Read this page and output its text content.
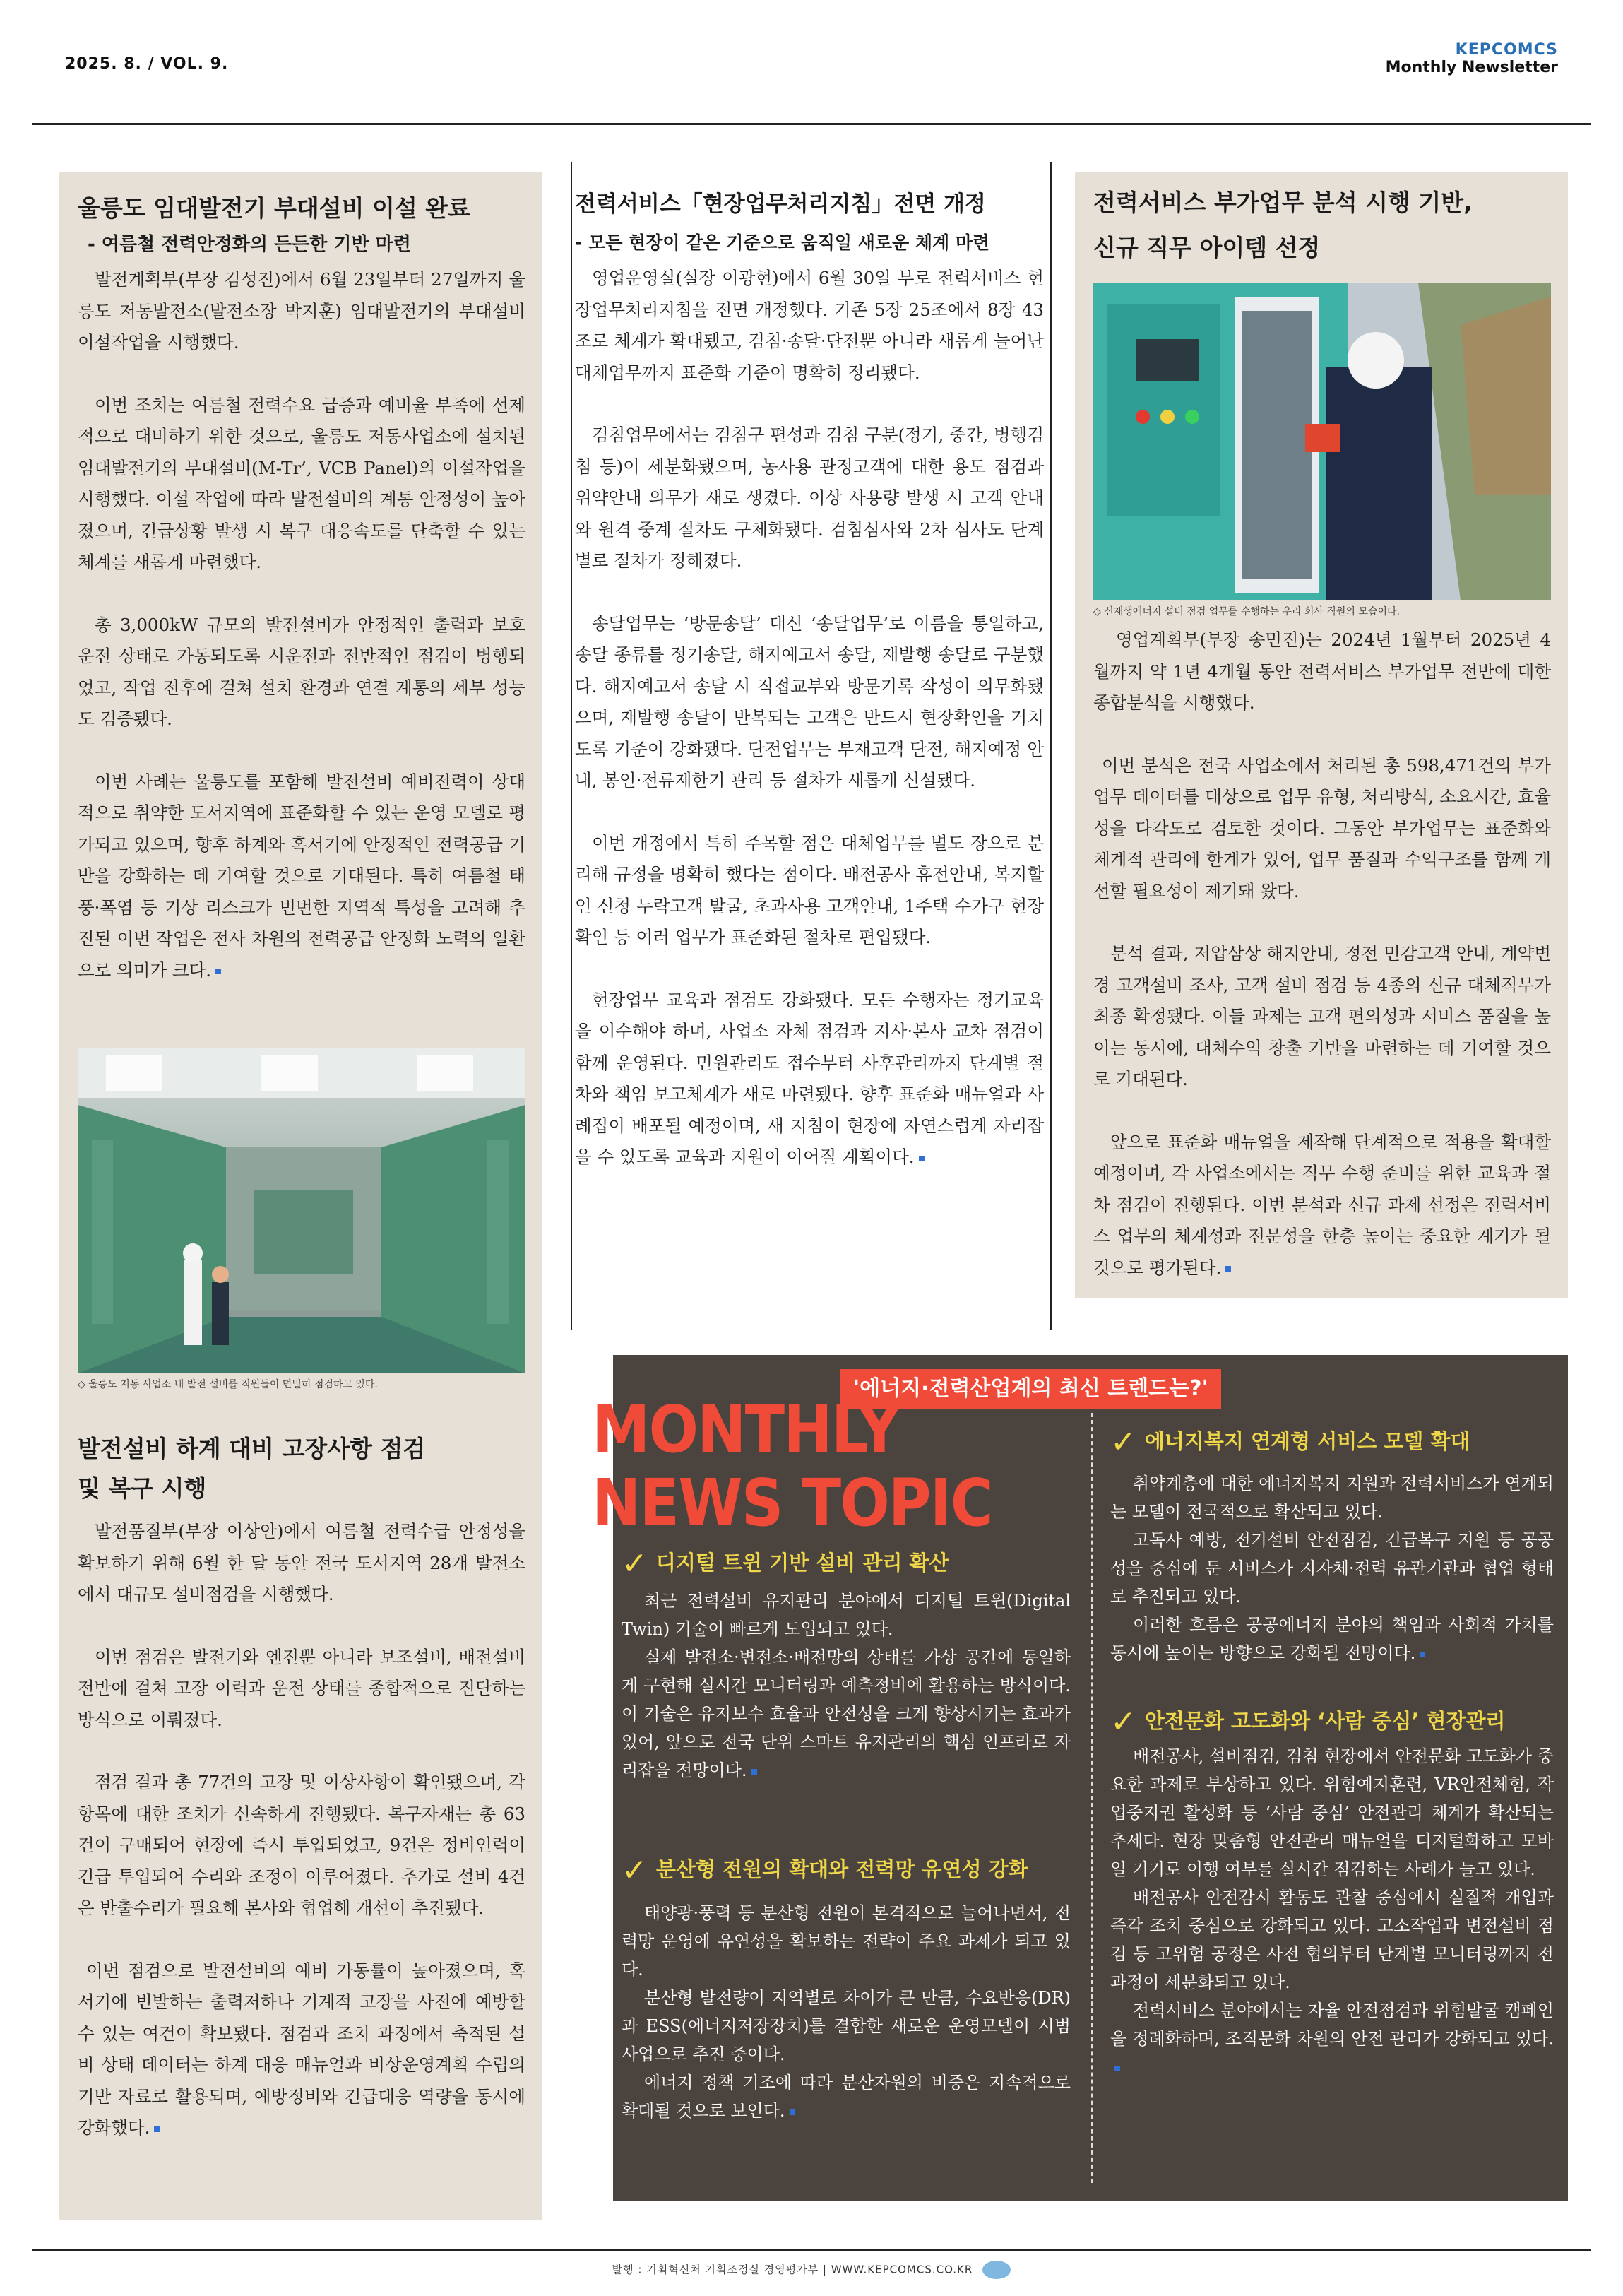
2025. 8. / VOL. 9.
KEPCOMCS
Monthly Newsletter
울릉도 임대발전기 부대설비 이설 완료
- 여름철 전력안정화의 든든한 기반 마련

발전계획부(부장 김성진)에서 6월 23일부터 27일까지 울릉도 저동발전소(발전소장 박지훈) 임대발전기의 부대설비 이설작업을 시행했다.

이번 조치는 여름철 전력수요 급증과 예비율 부족에 선제적으로 대비하기 위한 것으로, 울릉도 저동사업소에 설치된 임대발전기의 부대설비(M-Tr’, VCB Panel)의 이설작업을 시행했다. 이설 작업에 따라 발전설비의 계통 안정성이 높아졌으며, 긴급상황 발생 시 복구 대응속도를 단축할 수 있는 체계를 새롭게 마련했다.

총 3,000kW 규모의 발전설비가 안정적인 출력과 보호 운전 상태로 가동되도록 시운전과 전반적인 점검이 병행되었고, 작업 전후에 걸쳐 설치 환경과 연결 계통의 세부 성능도 검증됐다.

이번 사례는 울릉도를 포함해 발전설비 예비전력이 상대적으로 취약한 도서지역에 표준화할 수 있는 운영 모델로 평가되고 있으며, 향후 하계와 혹서기에 안정적인 전력공급 기반을 강화하는 데 기여할 것으로 기대된다. 특히 여름철 태풍·폭염 등 기상 리스크가 빈번한 지역적 특성을 고려해 추진된 이번 작업은 전사 차원의 전력공급 안정화 노력의 일환으로 의미가 크다.

◇ 울릉도 저동 사업소 내 발전 설비를 직원들이 면밀히 점검하고 있다.
발전설비 하계 대비 고장사항 점검
및 복구 시행

발전품질부(부장 이상안)에서 여름철 전력수급 안정성을 확보하기 위해 6월 한 달 동안 전국 도서지역 28개 발전소에서 대규모 설비점검을 시행했다.

이번 점검은 발전기와 엔진뿐 아니라 보조설비, 배전설비 전반에 걸쳐 고장 이력과 운전 상태를 종합적으로 진단하는 방식으로 이뤄졌다.

점검 결과 총 77건의 고장 및 이상사항이 확인됐으며, 각 항목에 대한 조치가 신속하게 진행됐다. 복구자재는 총 63건이 구매되어 현장에 즉시 투입되었고, 9건은 정비인력이 긴급 투입되어 수리와 조정이 이루어졌다. 추가로 설비 4건은 반출수리가 필요해 본사와 협업해 개선이 추진됐다.

이번 점검으로 발전설비의 예비 가동률이 높아졌으며, 혹서기에 빈발하는 출력저하나 기계적 고장을 사전에 예방할 수 있는 여건이 확보됐다. 점검과 조치 과정에서 축적된 설비 상태 데이터는 하계 대응 매뉴얼과 비상운영계획 수립의 기반 자료로 활용되며, 예방정비와 긴급대응 역량을 동시에 강화했다.

전력서비스「현장업무처리지침」전면 개정
- 모든 현장이 같은 기준으로 움직일 새로운 체계 마련

영업운영실(실장 이광현)에서 6월 30일 부로 전력서비스 현장업무처리지침을 전면 개정했다. 기존 5장 25조에서 8장 43조로 체계가 확대됐고, 검침·송달·단전뿐 아니라 새롭게 늘어난 대체업무까지 표준화 기준이 명확히 정리됐다.

검침업무에서는 검침구 편성과 검침 구분(정기, 중간, 병행검침 등)이 세분화됐으며, 농사용 관정고객에 대한 용도 점검과 위약안내 의무가 새로 생겼다. 이상 사용량 발생 시 고객 안내와 원격 중계 절차도 구체화됐다. 검침심사와 2차 심사도 단계별로 절차가 정해졌다.

송달업무는 ‘방문송달’ 대신 ‘송달업무’로 이름을 통일하고, 송달 종류를 정기송달, 해지예고서 송달, 재발행 송달로 구분했다. 해지예고서 송달 시 직접교부와 방문기록 작성이 의무화됐으며, 재발행 송달이 반복되는 고객은 반드시 현장확인을 거치도록 기준이 강화됐다. 단전업무는 부재고객 단전, 해지예정 안내, 봉인·전류제한기 관리 등 절차가 새롭게 신설됐다.

이번 개정에서 특히 주목할 점은 대체업무를 별도 장으로 분리해 규정을 명확히 했다는 점이다. 배전공사 휴전안내, 복지할인 신청 누락고객 발굴, 초과사용 고객안내, 1주택 수가구 현장확인 등 여러 업무가 표준화된 절차로 편입됐다.

현장업무 교육과 점검도 강화됐다. 모든 수행자는 정기교육을 이수해야 하며, 사업소 자체 점검과 지사·본사 교차 점검이 함께 운영된다. 민원관리도 접수부터 사후관리까지 단계별 절차와 책임 보고체계가 새로 마련됐다. 향후 표준화 매뉴얼과 사례집이 배포될 예정이며, 새 지침이 현장에 자연스럽게 자리잡을 수 있도록 교육과 지원이 이어질 계획이다.

전력서비스 부가업무 분석 시행 기반,
신규 직무 아이템 선정
◇ 신재생에너지 설비 점검 업무를 수행하는 우리 회사 직원의 모습이다.

영업계획부(부장 송민진)는 2024년 1월부터 2025년 4월까지 약 1년 4개월 동안 전력서비스 부가업무 전반에 대한 종합분석을 시행했다.

이번 분석은 전국 사업소에서 처리된 총 598,471건의 부가업무 데이터를 대상으로 업무 유형, 처리방식, 소요시간, 효율성을 다각도로 검토한 것이다. 그동안 부가업무는 표준화와 체계적 관리에 한계가 있어, 업무 품질과 수익구조를 함께 개선할 필요성이 제기돼 왔다.

분석 결과, 저압삼상 해지안내, 정전 민감고객 안내, 계약변경 고객설비 조사, 고객 설비 점검 등 4종의 신규 대체직무가 최종 확정됐다. 이들 과제는 고객 편의성과 서비스 품질을 높이는 동시에, 대체수익 창출 기반을 마련하는 데 기여할 것으로 기대된다.

앞으로 표준화 매뉴얼을 제작해 단계적으로 적용을 확대할 예정이며, 각 사업소에서는 직무 수행 준비를 위한 교육과 절차 점검이 진행된다. 이번 분석과 신규 과제 선정은 전력서비스 업무의 체계성과 전문성을 한층 높이는 중요한 계기가 될 것으로 평가된다.

'에너지·전력산업계의 최신 트렌드는?'
MONTHLY
NEWS TOPIC
✓ 디지털 트윈 기반 설비 관리 확산

최근 전력설비 유지관리 분야에서 디지털 트윈(Digital Twin) 기술이 빠르게 도입되고 있다.

실제 발전소·변전소·배전망의 상태를 가상 공간에 동일하게 구현해 실시간 모니터링과 예측정비에 활용하는 방식이다. 이 기술은 유지보수 효율과 안전성을 크게 향상시키는 효과가 있어, 앞으로 전국 단위 스마트 유지관리의 핵심 인프라로 자리잡을 전망이다.

✓ 분산형 전원의 확대와 전력망 유연성 강화

태양광·풍력 등 분산형 전원이 본격적으로 늘어나면서, 전력망 운영에 유연성을 확보하는 전략이 주요 과제가 되고 있다.

분산형 발전량이 지역별로 차이가 큰 만큼, 수요반응(DR)과 ESS(에너지저장장치)를 결합한 새로운 운영모델이 시범사업으로 추진 중이다.

에너지 정책 기조에 따라 분산자원의 비중은 지속적으로 확대될 것으로 보인다.

✓ 에너지복지 연계형 서비스 모델 확대

취약계층에 대한 에너지복지 지원과 전력서비스가 연계되는 모델이 전국적으로 확산되고 있다.

고독사 예방, 전기설비 안전점검, 긴급복구 지원 등 공공성을 중심에 둔 서비스가 지자체·전력 유관기관과 협업 형태로 추진되고 있다.

이러한 흐름은 공공에너지 분야의 책임과 사회적 가치를 동시에 높이는 방향으로 강화될 전망이다.

✓ 안전문화 고도화와 ‘사람 중심’ 현장관리

배전공사, 설비점검, 검침 현장에서 안전문화 고도화가 중요한 과제로 부상하고 있다. 위험예지훈련, VR안전체험, 작업중지권 활성화 등 ‘사람 중심’ 안전관리 체계가 확산되는 추세다. 현장 맞춤형 안전관리 매뉴얼을 디지털화하고 모바일 기기로 이행 여부를 실시간 점검하는 사례가 늘고 있다.

배전공사 안전감시 활동도 관찰 중심에서 실질적 개입과 즉각 조치 중심으로 강화되고 있다. 고소작업과 변전설비 점검 등 고위험 공정은 사전 협의부터 단계별 모니터링까지 전 과정이 세분화되고 있다.

전력서비스 분야에서는 자율 안전점검과 위험발굴 캠페인을 정례화하며, 조직문화 차원의 안전 관리가 강화되고 있다.

발행 : 기획혁신처 기획조정실 경영평가부 | WWW.KEPCOMCS.CO.KR
